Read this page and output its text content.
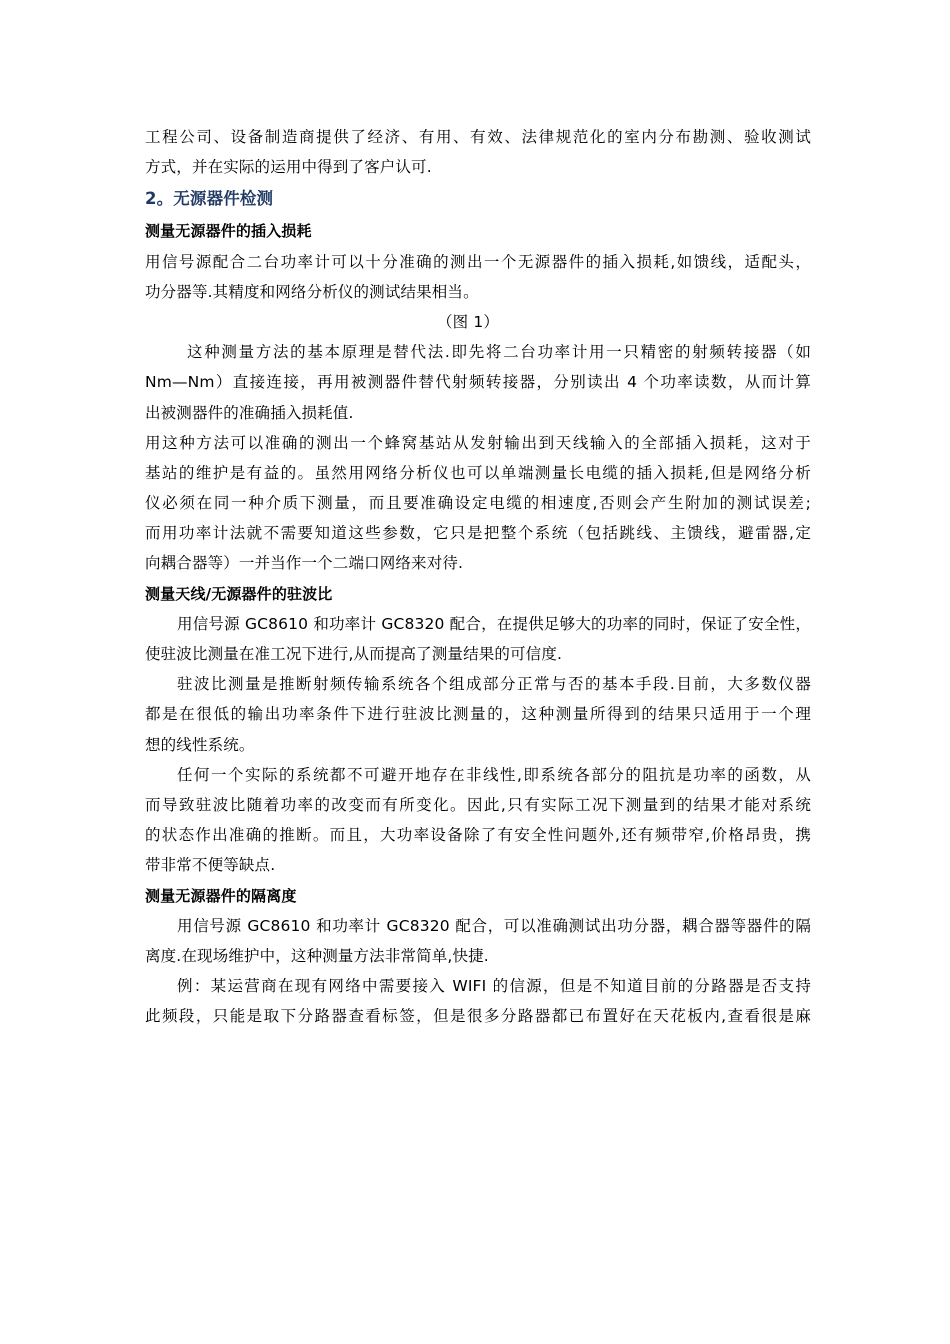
工程公司、设备制造商提供了经济、有用、有效、法律规范化的室内分布勘测、验收测试
方式，并在实际的运用中得到了客户认可.
2。无源器件检测
测量无源器件的插入损耗
用信号源配合二台功率计可以十分准确的测出一个无源器件的插入损耗,如馈线，适配头，
功分器等.其精度和网络分析仪的测试结果相当。
（图 1）
这种测量方法的基本原理是替代法.即先将二台功率计用一只精密的射频转接器（如
Nm—Nm）直接连接，再用被测器件替代射频转接器，分别读出 4 个功率读数，从而计算
出被测器件的准确插入损耗值.
用这种方法可以准确的测出一个蜂窝基站从发射输出到天线输入的全部插入损耗，这对于
基站的维护是有益的。虽然用网络分析仪也可以单端测量长电缆的插入损耗,但是网络分析
仪必须在同一种介质下测量，而且要准确设定电缆的相速度,否则会产生附加的测试误差;
而用功率计法就不需要知道这些参数，它只是把整个系统（包括跳线、主馈线，避雷器,定
向耦合器等）一并当作一个二端口网络来对待.
测量天线/无源器件的驻波比
用信号源 GC8610 和功率计 GC8320 配合，在提供足够大的功率的同时，保证了安全性，
使驻波比测量在准工况下进行,从而提高了测量结果的可信度.
驻波比测量是推断射频传输系统各个组成部分正常与否的基本手段.目前，大多数仪器
都是在很低的输出功率条件下进行驻波比测量的，这种测量所得到的结果只适用于一个理
想的线性系统。
任何一个实际的系统都不可避开地存在非线性,即系统各部分的阻抗是功率的函数，从
而导致驻波比随着功率的改变而有所变化。因此,只有实际工况下测量到的结果才能对系统
的状态作出准确的推断。而且，大功率设备除了有安全性问题外,还有频带窄,价格昂贵，携
带非常不便等缺点.
测量无源器件的隔离度
用信号源 GC8610 和功率计 GC8320 配合，可以准确测试出功分器，耦合器等器件的隔
离度.在现场维护中，这种测量方法非常简单,快捷.
例：某运营商在现有网络中需要接入 WIFI 的信源，但是不知道目前的分路器是否支持
此频段，只能是取下分路器查看标签，但是很多分路器都已布置好在天花板内,查看很是麻
